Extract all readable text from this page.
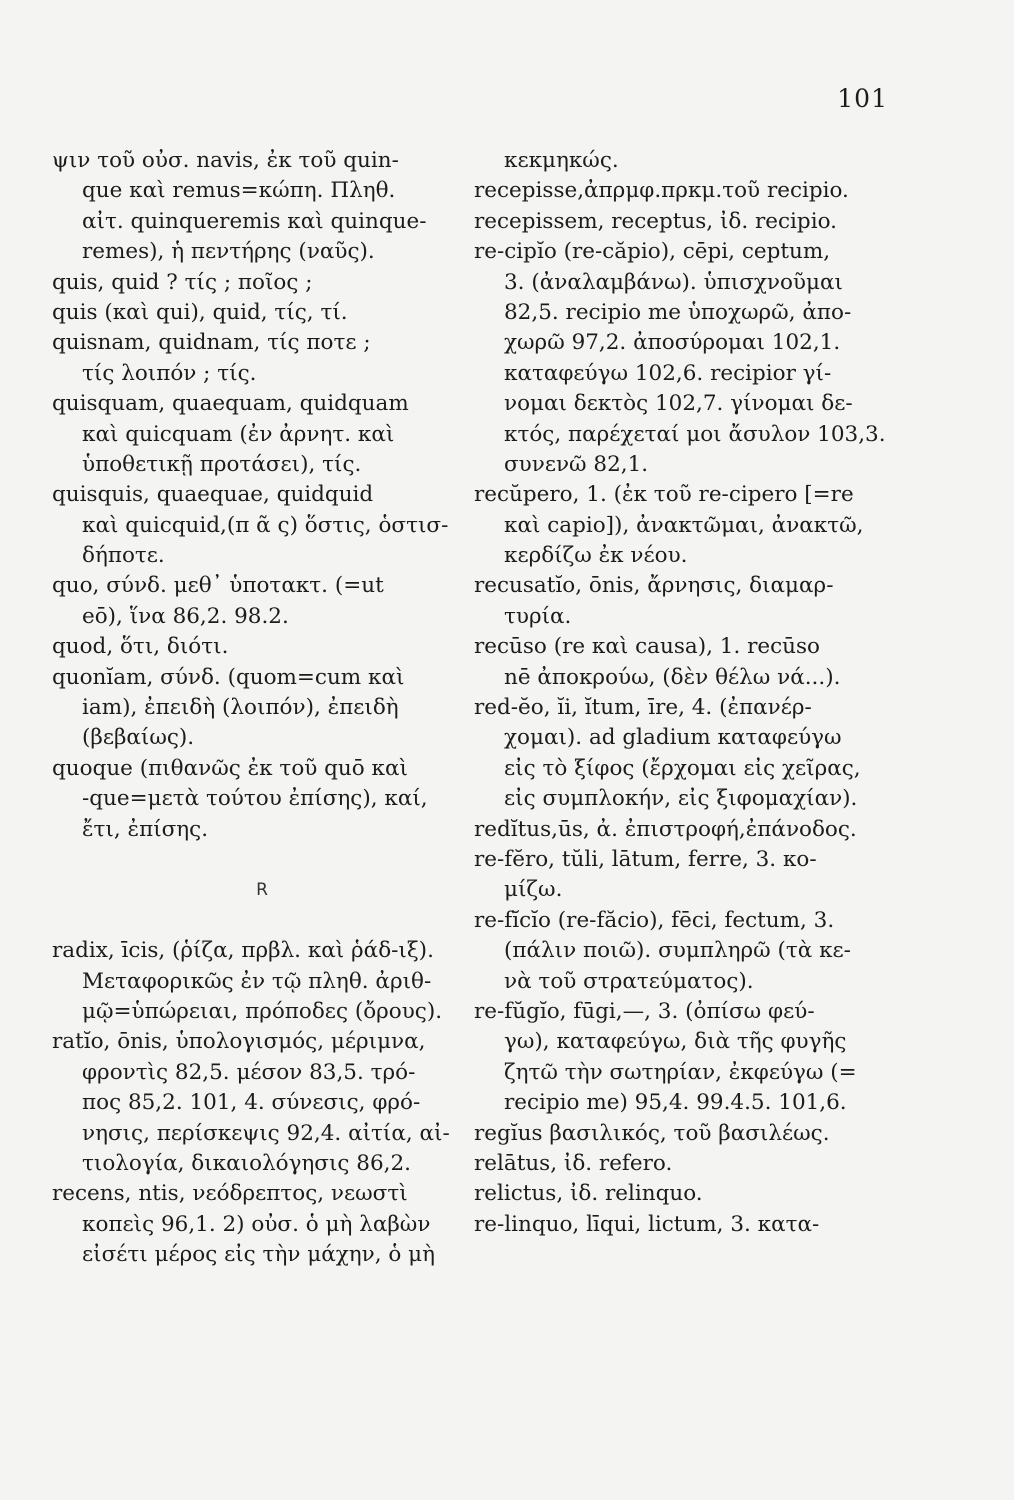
101
ψιν τοῦ οὐσ. navis, ἐκ τοῦ quin-
que καὶ remus=κώπη. Πληθ.
αἰτ. quinqueremis καὶ quinque-
remes), ἡ πεντήρης (ναῦς).
quis, quid ? τίς ; ποῖος ;
quis (καὶ qui), quid, τίς, τί.
quisnam, quidnam, τίς ποτε ;
τίς λοιπόν ; τίς.
quisquam, quaequam, quidquam
καὶ quicquam (ἐν ἀρνητ. καὶ
ὑποθετικῇ προτάσει), τίς.
quisquis, quaequae, quidquid
καὶ quicquid,(π ᾶ ς) ὅστις, ὁστισ-
δήποτε.
quo, σύνδ. μεθ᾽ ὑποτακτ. (=ut
eō), ἵνα 86,2. 98.2.
quod, ὅτι, διότι.
quonĭam, σύνδ. (quom=cum καὶ
iam), ἐπειδὴ (λοιπόν), ἐπειδὴ
(βεβαίως).
quoque (πιθανῶς ἐκ τοῦ quō καὶ
-que=μετὰ τούτου ἐπίσης), καί,
ἔτι, ἐπίσης.
R
radix, īcis, (ῥίζα, πρβλ. καὶ ῥάδ-ιξ).
Μεταφορικῶς ἐν τῷ πληθ. ἀριθ-
μῷ=ὑπώρειαι, πρόποδες (ὄρους).
ratĭo, ōnis, ὑπολογισμός, μέριμνα,
φροντὶς 82,5. μέσον 83,5. τρό-
πος 85,2. 101, 4. σύνεσις, φρό-
νησις, περίσκεψις 92,4. αἰτία, αἰ-
τιολογία, δικαιολόγησις 86,2.
recens, ntis, νεόδρεπτος, νεωστὶ
κοπεὶς 96,1. 2) οὐσ. ὁ μὴ λαβὼν
εἰσέτι μέρος εἰς τὴν μάχην, ὁ μὴ
κεκμηκώς.
recepisse,ἀπρμφ.πρκμ.τοῦ recipio.
recepissem, receptus, ἰδ. recipio.
re-cipĭo (re-căpio), cēpi, ceptum,
3. (ἀναλαμβάνω). ὑπισχνοῦμαι
82,5. recipio me ὑποχωρῶ, ἀπο-
χωρῶ 97,2. ἀποσύρομαι 102,1.
καταφεύγω 102,6. recipior γί-
νομαι δεκτὸς 102,7. γίνομαι δε-
κτός, παρέχεταί μοι ἄσυλον 103,3.
συνενῶ 82,1.
recŭpero, 1. (ἐκ τοῦ re-cipero [=re
καὶ capio]), ἀνακτῶμαι, ἀνακτῶ,
κερδίζω ἐκ νέου.
recusatĭo, ōnis, ἄρνησις, διαμαρ-
τυρία.
recūso (re καὶ causa), 1. recūso
nē ἀποκρούω, (δὲν θέλω νά...).
red-ĕo, ĭi, ĭtum, īre, 4. (ἐπανέρ-
χομαι). ad gladium καταφεύγω
εἰς τὸ ξίφος (ἔρχομαι εἰς χεῖρας,
εἰς συμπλοκήν, εἰς ξιφομαχίαν).
redĭtus,ūs, ἀ. ἐπιστροφή,ἐπάνοδος.
re-fĕro, tŭli, lātum, ferre, 3. κο-
μίζω.
re-fĭcĭo (re-făcio), fēci, fectum, 3.
(πάλιν ποιῶ). συμπληρῶ (τὰ κε-
νὰ τοῦ στρατεύματος).
re-fŭgĭo, fūgi,—, 3. (ὀπίσω φεύ-
γω), καταφεύγω, διὰ τῆς φυγῆς
ζητῶ τὴν σωτηρίαν, ἐκφεύγω (=
recipio me) 95,4. 99.4.5. 101,6.
regĭus βασιλικός, τοῦ βασιλέως.
relātus, ἰδ. refero.
relictus, ἰδ. relinquo.
re-linquo, līqui, lictum, 3. κατα-
